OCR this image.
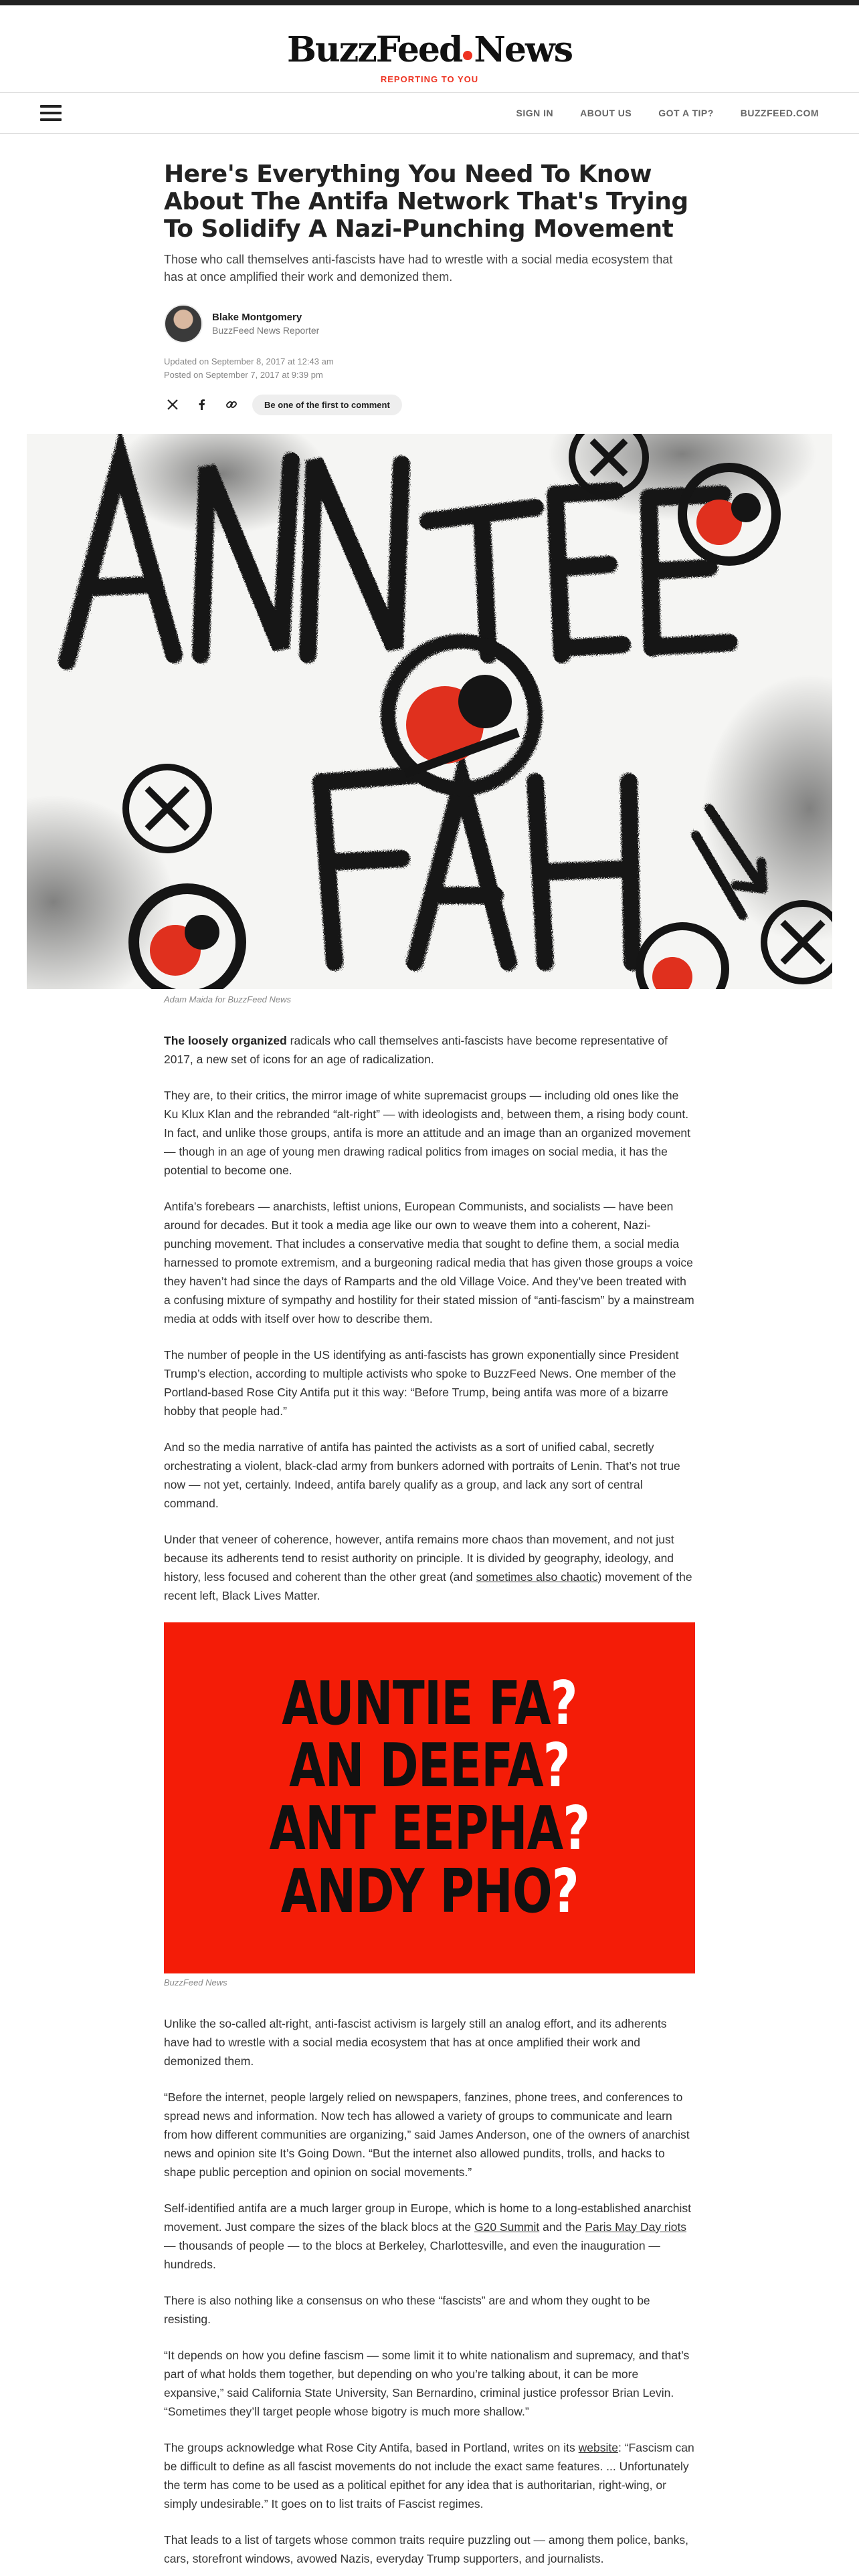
BuzzFeed News
REPORTING TO YOU
SIGN IN	ABOUT US	GOT A TIP?	BUZZFEED.COM
Here's Everything You Need To Know About The Antifa Network That's Trying To Solidify A Nazi-Punching Movement

Those who call themselves anti-fascists have had to wrestle with a social media ecosystem that has at once amplified their work and demonized them.

Blake Montgomery
BuzzFeed News Reporter
Updated on September 8, 2017 at 12:43 am
Posted on September 7, 2017 at 9:39 pm
Be one of the first to comment
Adam Maida for BuzzFeed News

The loosely organized radicals who call themselves anti-fascists have become representative of 2017, a new set of icons for an age of radicalization.

They are, to their critics, the mirror image of white supremacist groups — including old ones like the Ku Klux Klan and the rebranded “alt-right” — with ideologists and, between them, a rising body count. In fact, and unlike those groups, antifa is more an attitude and an image than an organized movement — though in an age of young men drawing radical politics from images on social media, it has the potential to become one.

Antifa’s forebears — anarchists, leftist unions, European Communists, and socialists — have been around for decades. But it took a media age like our own to weave them into a coherent, Nazi-punching movement. That includes a conservative media that sought to define them, a social media harnessed to promote extremism, and a burgeoning radical media that has given those groups a voice they haven’t had since the days of Ramparts and the old Village Voice. And they’ve been treated with a confusing mixture of sympathy and hostility for their stated mission of “anti-fascism” by a mainstream media at odds with itself over how to describe them.

The number of people in the US identifying as anti-fascists has grown exponentially since President Trump’s election, according to multiple activists who spoke to BuzzFeed News. One member of the Portland-based Rose City Antifa put it this way: “Before Trump, being antifa was more of a bizarre hobby that people had.”

And so the media narrative of antifa has painted the activists as a sort of unified cabal, secretly orchestrating a violent, black-clad army from bunkers adorned with portraits of Lenin. That’s not true now — not yet, certainly. Indeed, antifa barely qualify as a group, and lack any sort of central command.

Under that veneer of coherence, however, antifa remains more chaos than movement, and not just because its adherents tend to resist authority on principle. It is divided by geography, ideology, and history, less focused and coherent than the other great (and sometimes also chaotic) movement of the recent left, Black Lives Matter.

AUNTIE FA?
AN DEEFA?
ANT EEPHA?
ANDY PHO?
BuzzFeed News

Unlike the so-called alt-right, anti-fascist activism is largely still an analog effort, and its adherents have had to wrestle with a social media ecosystem that has at once amplified their work and demonized them.

“Before the internet, people largely relied on newspapers, fanzines, phone trees, and conferences to spread news and information. Now tech has allowed a variety of groups to communicate and learn from how different communities are organizing,” said James Anderson, one of the owners of anarchist news and opinion site It’s Going Down. “But the internet also allowed pundits, trolls, and hacks to shape public perception and opinion on social movements.”

Self-identified antifa are a much larger group in Europe, which is home to a long-established anarchist movement. Just compare the sizes of the black blocs at the G20 Summit and the Paris May Day riots — thousands of people — to the blocs at Berkeley, Charlottesville, and even the inauguration — hundreds.

There is also nothing like a consensus on who these “fascists” are and whom they ought to be resisting.

“It depends on how you define fascism — some limit it to white nationalism and supremacy, and that’s part of what holds them together, but depending on who you’re talking about, it can be more expansive,” said California State University, San Bernardino, criminal justice professor Brian Levin. “Sometimes they’ll target people whose bigotry is much more shallow.”

The groups acknowledge what Rose City Antifa, based in Portland, writes on its website: “Fascism can be difficult to define as all fascist movements do not include the exact same features. ... Unfortunately the term has come to be used as a political epithet for any idea that is authoritarian, right-wing, or simply undesirable.” It goes on to list traits of Fascist regimes.

That leads to a list of targets whose common traits require puzzling out — among them police, banks, cars, storefront windows, avowed Nazis, everyday Trump supporters, and journalists.
